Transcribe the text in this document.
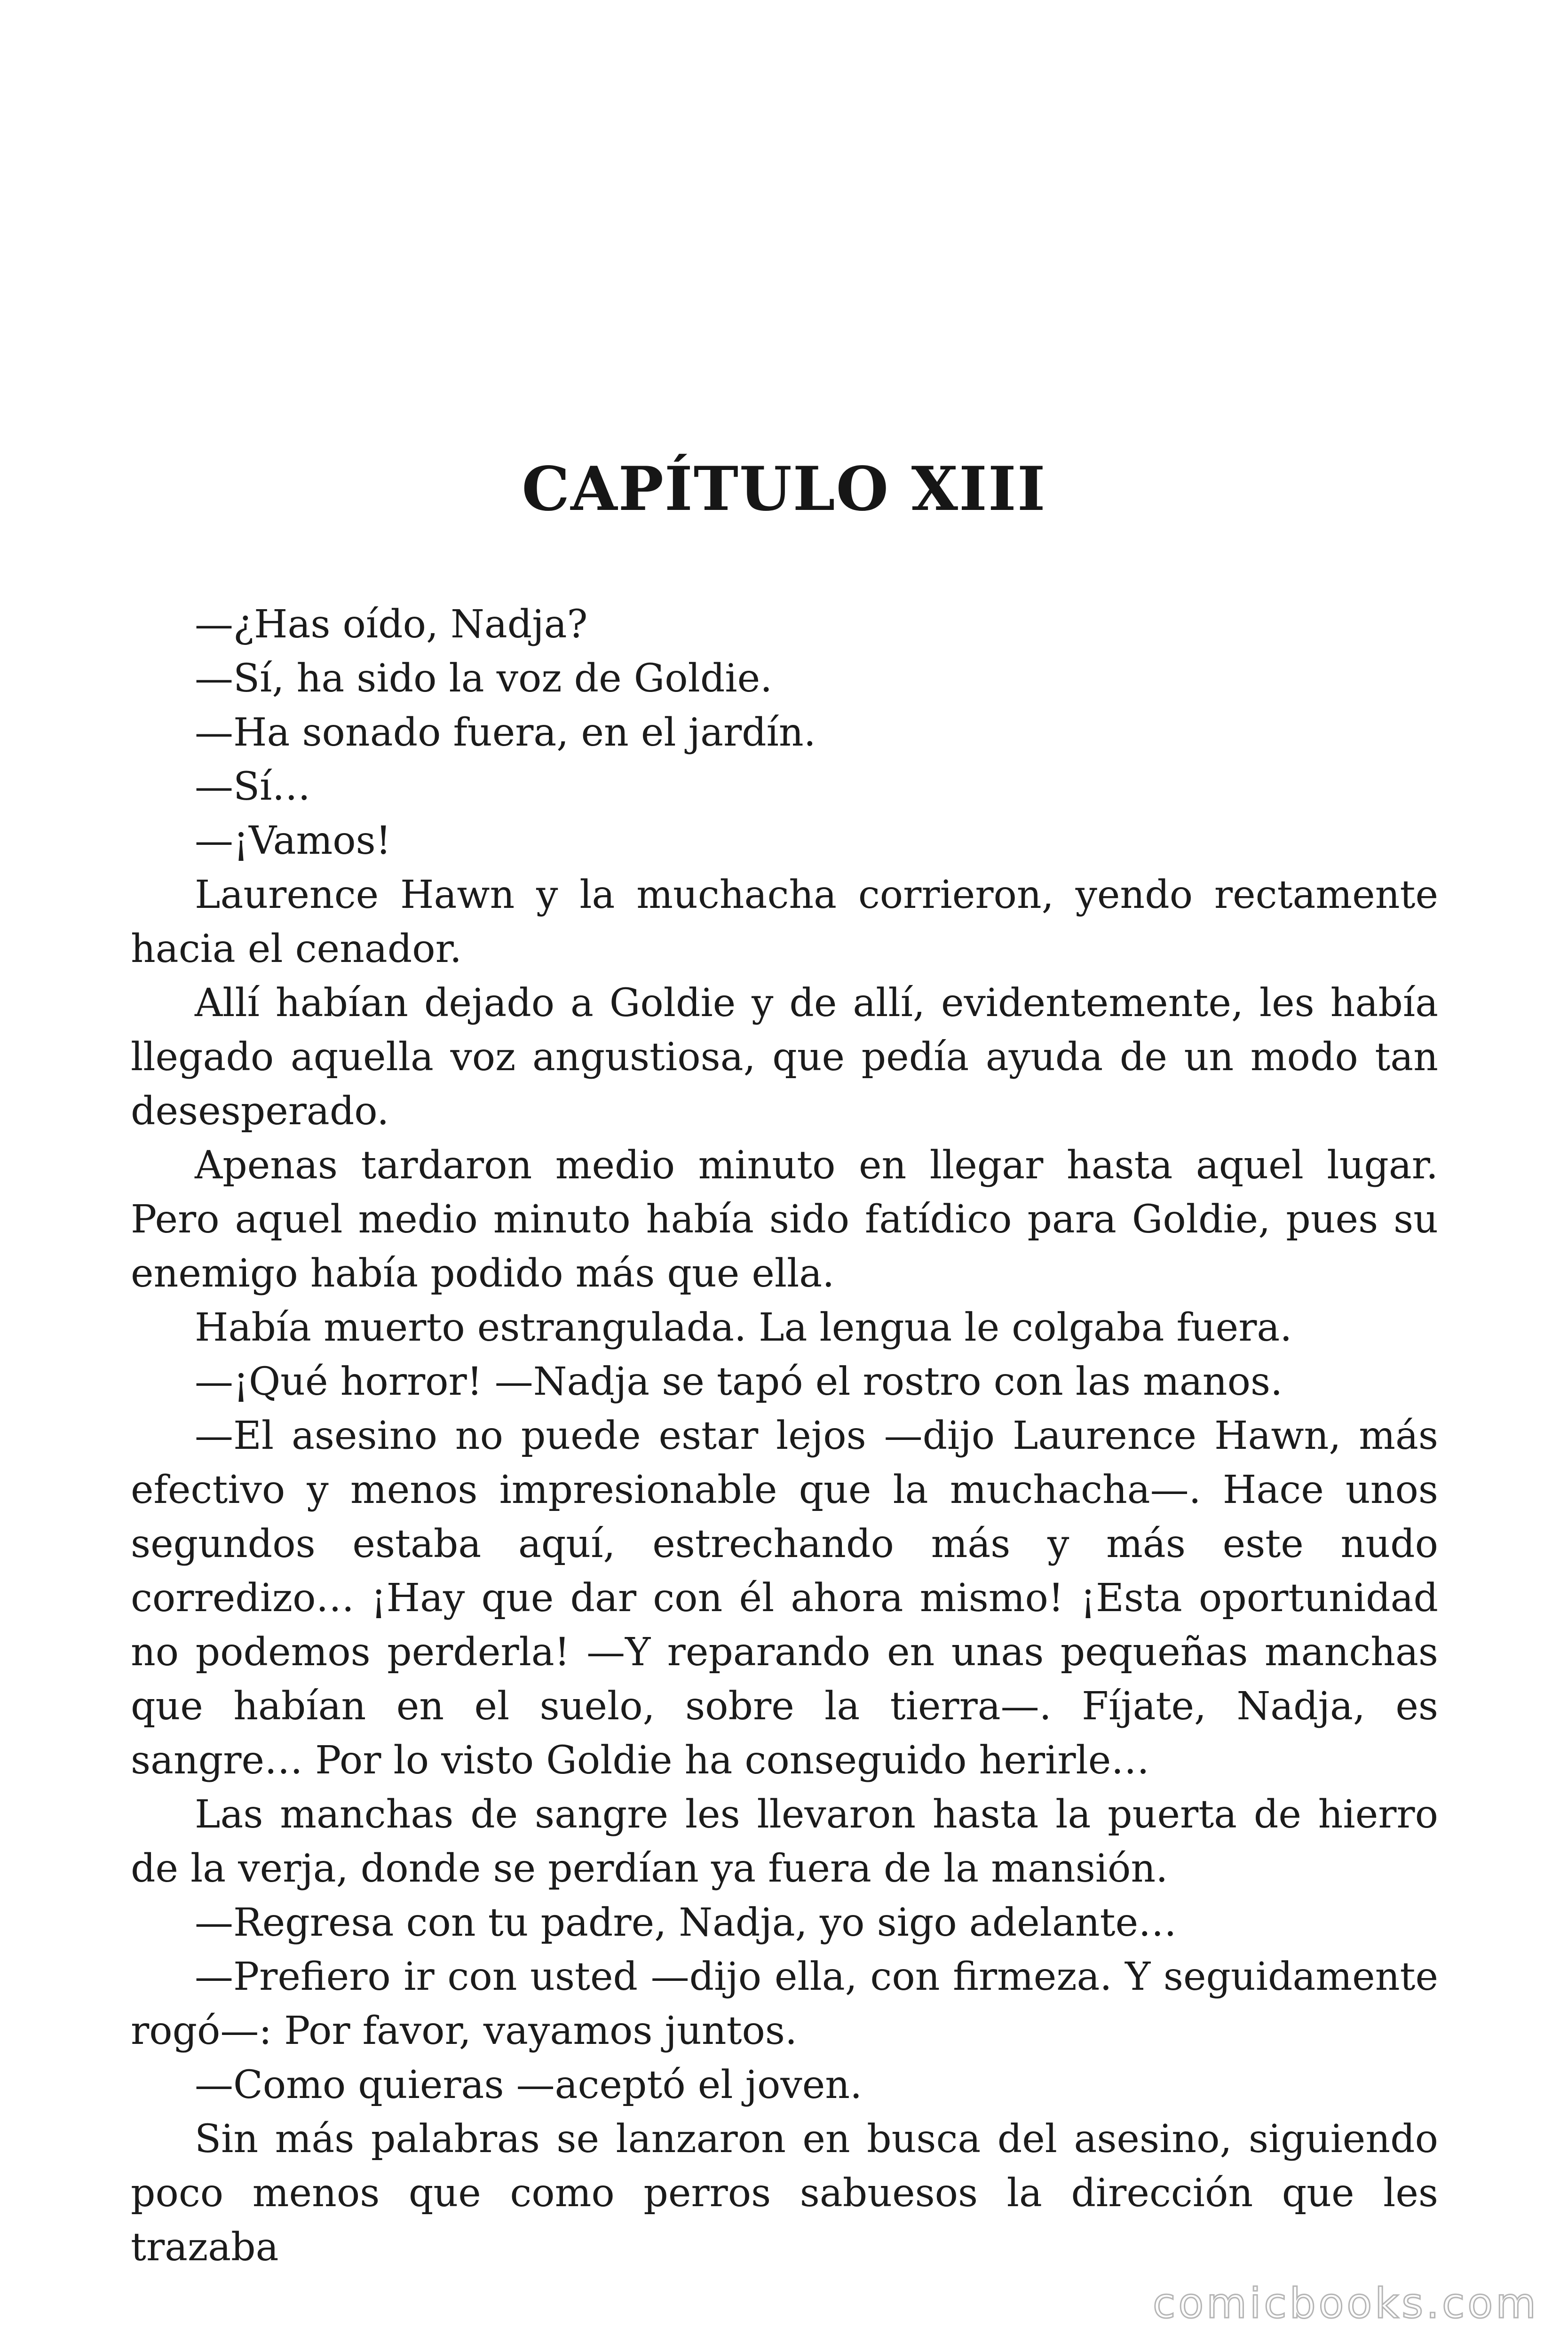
CAPÍTULO XIII

—¿Has oído, Nadja?

—Sí, ha sido la voz de Goldie.

—Ha sonado fuera, en el jardín.

—Sí…

—¡Vamos!

Laurence Hawn y la muchacha corrieron, yendo rectamente hacia el cenador.

Allí habían dejado a Goldie y de allí, evidentemente, les había llegado aquella voz angustiosa, que pedía ayuda de un modo tan desesperado.

Apenas tardaron medio minuto en llegar hasta aquel lugar. Pero aquel medio minuto había sido fatídico para Goldie, pues su enemigo había podido más que ella.

Había muerto estrangulada. La lengua le colgaba fuera.

—¡Qué horror! —Nadja se tapó el rostro con las manos.

—El asesino no puede estar lejos —dijo Laurence Hawn, más efectivo y menos impresionable que la muchacha—. Hace unos segundos estaba aquí, estrechando más y más este nudo corredizo… ¡Hay que dar con él ahora mismo! ¡Esta oportunidad no podemos perderla! —Y reparando en unas pequeñas manchas que habían en el suelo, sobre la tierra—. Fíjate, Nadja, es sangre… Por lo visto Goldie ha conseguido herirle…

Las manchas de sangre les llevaron hasta la puerta de hierro de la verja, donde se perdían ya fuera de la mansión.

—Regresa con tu padre, Nadja, yo sigo adelante…

—Prefiero ir con usted —dijo ella, con firmeza. Y seguidamente rogó—: Por favor, vayamos juntos.

—Como quieras —aceptó el joven.

Sin más palabras se lanzaron en busca del asesino, siguiendo poco menos que como perros sabuesos la dirección que les trazaba

comicbooks.com
